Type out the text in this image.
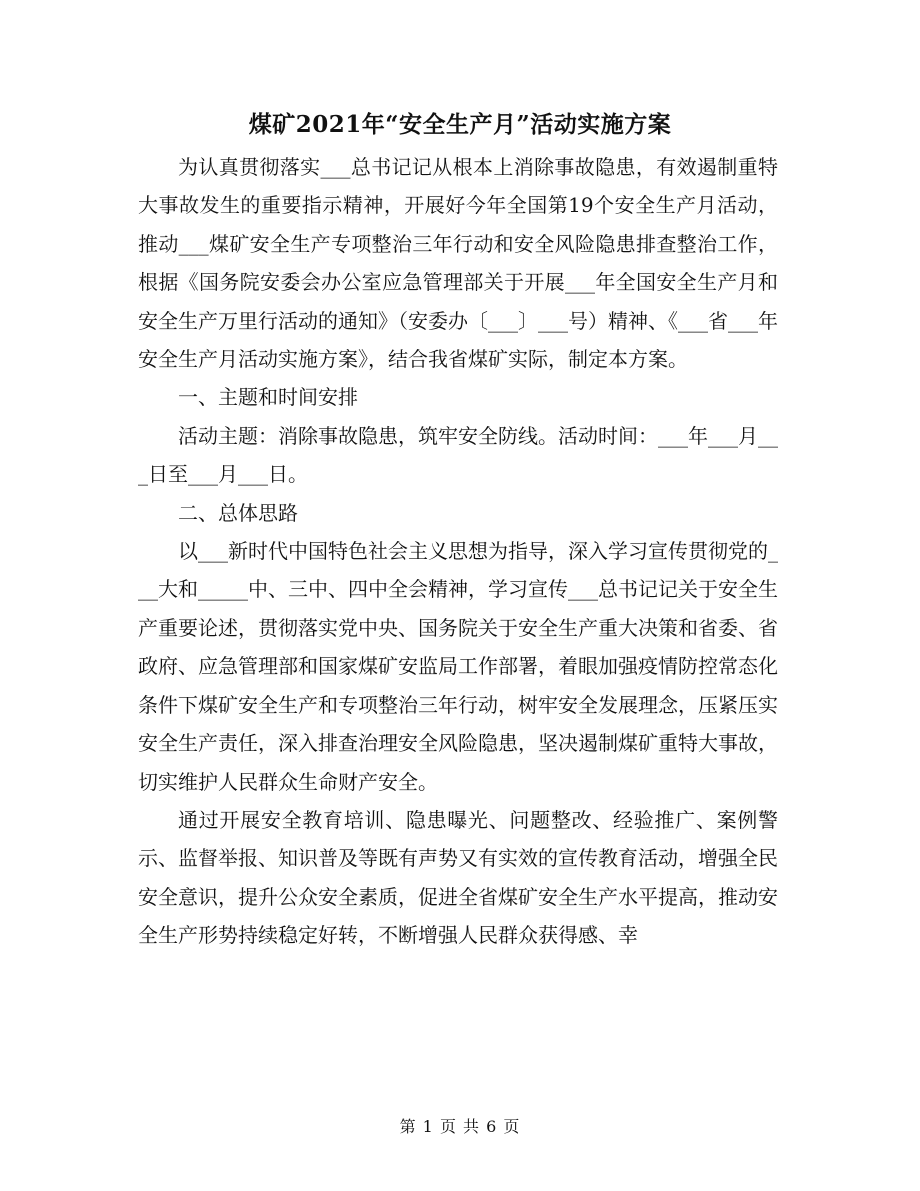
煤矿2021年“安全生产月”活动实施方案

为认真贯彻落实___总书记记从根本上消除事故隐患，有效遏制重特大事故发生的重要指示精神，开展好今年全国第19个安全生产月活动，推动___煤矿安全生产专项整治三年行动和安全风险隐患排查整治工作，根据《国务院安委会办公室应急管理部关于开展___年全国安全生产月和安全生产万里行活动的通知》（安委办〔___〕___号）精神、《___省___年安全生产月活动实施方案》，结合我省煤矿实际，制定本方案。

一、主题和时间安排

活动主题：消除事故隐患，筑牢安全防线。活动时间：___年___月___日至___月___日。

二、总体思路

以___新时代中国特色社会主义思想为指导，深入学习宣传贯彻党的___大和_____中、三中、四中全会精神，学习宣传___总书记记关于安全生产重要论述，贯彻落实党中央、国务院关于安全生产重大决策和省委、省政府、应急管理部和国家煤矿安监局工作部署，着眼加强疫情防控常态化条件下煤矿安全生产和专项整治三年行动，树牢安全发展理念，压紧压实安全生产责任，深入排查治理安全风险隐患，坚决遏制煤矿重特大事故，切实维护人民群众生命财产安全。

通过开展安全教育培训、隐患曝光、问题整改、经验推广、案例警示、监督举报、知识普及等既有声势又有实效的宣传教育活动，增强全民安全意识，提升公众安全素质，促进全省煤矿安全生产水平提高，推动安全生产形势持续稳定好转，不断增强人民群众获得感、幸

第 1 页 共 6 页
